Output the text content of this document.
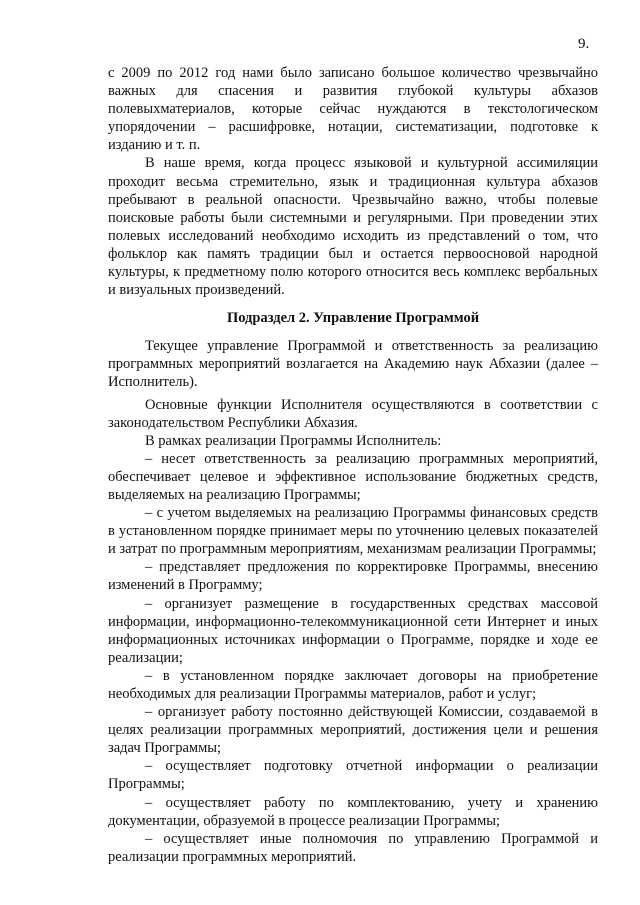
9.

с 2009 по 2012 год нами было записано большое количество чрезвычайно важных для спасения и развития глубокой культуры абхазов полевыхматериалов, которые сейчас нуждаются в текстологическом упорядочении – расшифровке, нотации, систематизации, подготовке к изданию и т. п.

В наше время, когда процесс языковой и культурной ассимиляции проходит весьма стремительно, язык и традиционная культура абхазов пребывают в реальной опасности. Чрезвычайно важно, чтобы полевые поисковые работы были системными и регулярными. При проведении этих полевых исследований необходимо исходить из представлений о том, что фольклор как память традиции был и остается первоосновой народной культуры, к предметному полю которого относится весь комплекс вербальных и визуальных произведений.

Подраздел 2. Управление Программой

Текущее управление Программой и ответственность за реализацию программных мероприятий возлагается на Академию наук Абхазии (далее – Исполнитель).

Основные функции Исполнителя осуществляются в соответствии с законодательством Республики Абхазия.

В рамках реализации Программы Исполнитель:

– несет ответственность за реализацию программных мероприятий, обеспечивает целевое и эффективное использование бюджетных средств, выделяемых на реализацию Программы;

– с учетом выделяемых на реализацию Программы финансовых средств в установленном порядке принимает меры по уточнению целевых показателей и затрат по программным мероприятиям, механизмам реализации Программы;

– представляет предложения по корректировке Программы, внесению изменений в Программу;

– организует размещение в государственных средствах массовой информации, информационно-телекоммуникационной сети Интернет и иных информационных источниках информации о Программе, порядке и ходе ее реализации;

– в установленном порядке заключает договоры на приобретение необходимых для реализации Программы материалов, работ и услуг;

– организует работу постоянно действующей Комиссии, создаваемой в целях реализации программных мероприятий, достижения цели и решения задач Программы;

– осуществляет подготовку отчетной информации о реализации Программы;

– осуществляет работу по комплектованию, учету и хранению документации, образуемой в процессе реализации Программы;

– осуществляет иные полномочия по управлению Программой и реализации программных мероприятий.
